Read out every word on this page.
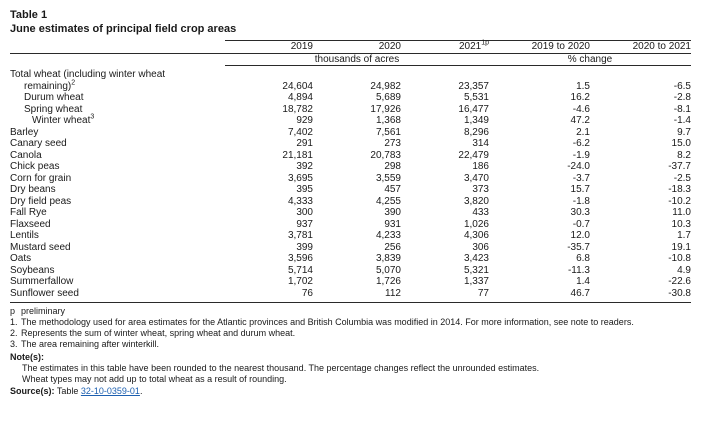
Table 1
June estimates of principal field crop areas
	2019	2020	$2021^{1p}$	2019 to 2020	2020 to 2021
	thousands of acres			% change	
Total wheat (including winter wheat					
remaining)$^2$	24,604	24,982	23,357	1.5	-6.5
Durum wheat	4,894	5,689	5,531	16.2	-2.8
Spring wheat	18,782	17,926	16,477	-4.6	-8.1
Winter wheat$^3$	929	1,368	1,349	47.2	-1.4
Barley	7,402	7,561	8,296	2.1	9.7
Canary seed	291	273	314	-6.2	15.0
Canola	21,181	20,783	22,479	-1.9	8.2
Chick peas	392	298	186	-24.0	-37.7
Corn for grain	3,695	3,559	3,470	-3.7	-2.5
Dry beans	395	457	373	15.7	-18.3
Dry field peas	4,333	4,255	3,820	-1.8	-10.2
Fall Rye	300	390	433	30.3	11.0
Flaxseed	937	931	1,026	-0.7	10.3
Lentils	3,781	4,233	4,306	12.0	1.7
Mustard seed	399	256	306	-35.7	19.1
Oats	3,596	3,839	3,423	6.8	-10.8
Soybeans	5,714	5,070	5,321	-11.3	4.9
Summerfallow	1,702	1,726	1,337	1.4	-22.6
Sunflower seed	76	112	77	46.7	-30.8
p preliminary
1. The methodology used for area estimates for the Atlantic provinces and British Columbia was modified in 2014. For more information, see note to readers.
2. Represents the sum of winter wheat, spring wheat and durum wheat.
3. The area remaining after winterkill.
Note(s):
The estimates in this table have been rounded to the nearest thousand. The percentage changes reflect the unrounded estimates.
Wheat types may not add up to total wheat as a result of rounding.
Source(s): Table 32-10-0359-01.
